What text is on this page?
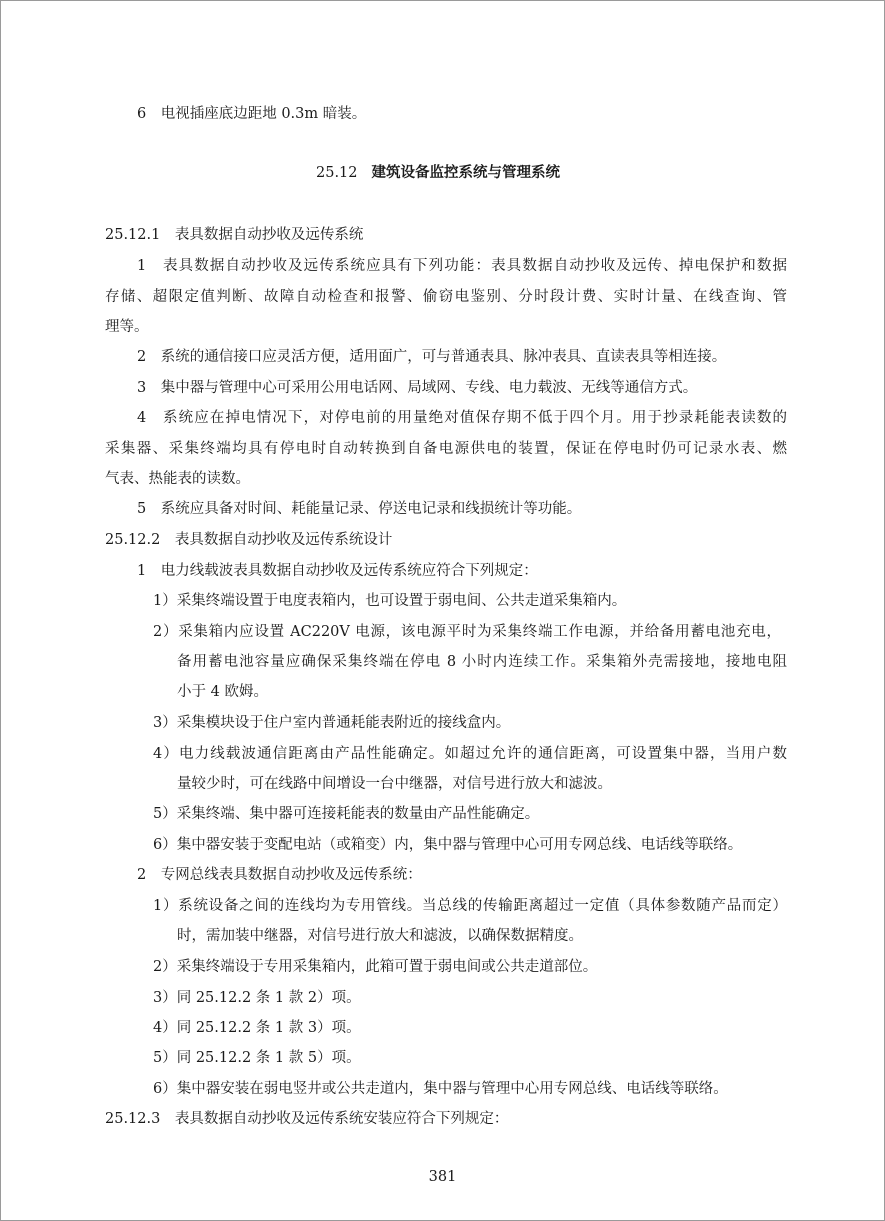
6　电视插座底边距地 0.3m 暗装。
25.12 建筑设备监控系统与管理系统
25.12.1　表具数据自动抄收及远传系统
1　表具数据自动抄收及远传系统应具有下列功能：表具数据自动抄收及远传、掉电保护和数据
存储、超限定值判断、故障自动检查和报警、偷窃电鉴别、分时段计费、实时计量、在线查询、管
理等。
2　系统的通信接口应灵活方便，适用面广，可与普通表具、脉冲表具、直读表具等相连接。
3　集中器与管理中心可采用公用电话网、局域网、专线、电力载波、无线等通信方式。
4　系统应在掉电情况下，对停电前的用量绝对值保存期不低于四个月。用于抄录耗能表读数的
采集器、采集终端均具有停电时自动转换到自备电源供电的装置，保证在停电时仍可记录水表、燃
气表、热能表的读数。
5　系统应具备对时间、耗能量记录、停送电记录和线损统计等功能。
25.12.2　表具数据自动抄收及远传系统设计
1　电力线载波表具数据自动抄收及远传系统应符合下列规定：
1）采集终端设置于电度表箱内，也可设置于弱电间、公共走道采集箱内。
2）采集箱内应设置 AC220V 电源，该电源平时为采集终端工作电源，并给备用蓄电池充电，
备用蓄电池容量应确保采集终端在停电 8 小时内连续工作。采集箱外壳需接地，接地电阻
小于 4 欧姆。
3）采集模块设于住户室内普通耗能表附近的接线盒内。
4）电力线载波通信距离由产品性能确定。如超过允许的通信距离，可设置集中器，当用户数
量较少时，可在线路中间增设一台中继器，对信号进行放大和滤波。
5）采集终端、集中器可连接耗能表的数量由产品性能确定。
6）集中器安装于变配电站（或箱变）内，集中器与管理中心可用专网总线、电话线等联络。
2　专网总线表具数据自动抄收及远传系统：
1）系统设备之间的连线均为专用管线。当总线的传输距离超过一定值（具体参数随产品而定）
时，需加装中继器，对信号进行放大和滤波，以确保数据精度。
2）采集终端设于专用采集箱内，此箱可置于弱电间或公共走道部位。
3）同 25.12.2 条 1 款 2）项。
4）同 25.12.2 条 1 款 3）项。
5）同 25.12.2 条 1 款 5）项。
6）集中器安装在弱电竖井或公共走道内，集中器与管理中心用专网总线、电话线等联络。
25.12.3　表具数据自动抄收及远传系统安装应符合下列规定：
381
